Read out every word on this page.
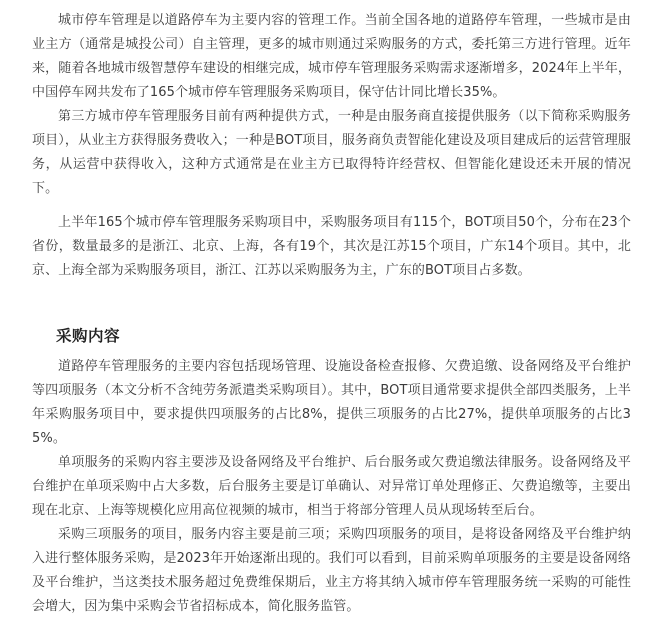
城市停车管理是以道路停车为主要内容的管理工作。当前全国各地的道路停车管理，一些城市是由业主方（通常是城投公司）自主管理，更多的城市则通过采购服务的方式，委托第三方进行管理。近年来，随着各地城市级智慧停车建设的相继完成，城市停车管理服务采购需求逐渐增多，2024年上半年，中国停车网共发布了165个城市停车管理服务采购项目，保守估计同比增长35%。

第三方城市停车管理服务目前有两种提供方式，一种是由服务商直接提供服务（以下简称采购服务项目），从业主方获得服务费收入；一种是BOT项目，服务商负责智能化建设及项目建成后的运营管理服务，从运营中获得收入，这种方式通常是在业主方已取得特许经营权、但智能化建设还未开展的情况下。

上半年165个城市停车管理服务采购项目中，采购服务项目有115个，BOT项目50个，分布在23个省份，数量最多的是浙江、北京、上海，各有19个，其次是江苏15个项目，广东14个项目。其中，北京、上海全部为采购服务项目，浙江、江苏以采购服务为主，广东的BOT项目占多数。

采购内容

道路停车管理服务的主要内容包括现场管理、设施设备检查报修、欠费追缴、设备网络及平台维护等四项服务（本文分析不含纯劳务派遣类采购项目）。其中，BOT项目通常要求提供全部四类服务，上半年采购服务项目中，要求提供四项服务的占比8%，提供三项服务的占比27%，提供单项服务的占比35%。

单项服务的采购内容主要涉及设备网络及平台维护、后台服务或欠费追缴法律服务。设备网络及平台维护在单项采购中占大多数，后台服务主要是订单确认、对异常订单处理修正、欠费追缴等，主要出现在北京、上海等规模化应用高位视频的城市，相当于将部分管理人员从现场转至后台。

采购三项服务的项目，服务内容主要是前三项；采购四项服务的项目，是将设备网络及平台维护纳入进行整体服务采购，是2023年开始逐渐出现的。我们可以看到，目前采购单项服务的主要是设备网络及平台维护，当这类技术服务超过免费维保期后，业主方将其纳入城市停车管理服务统一采购的可能性会增大，因为集中采购会节省招标成本，简化服务监管。
